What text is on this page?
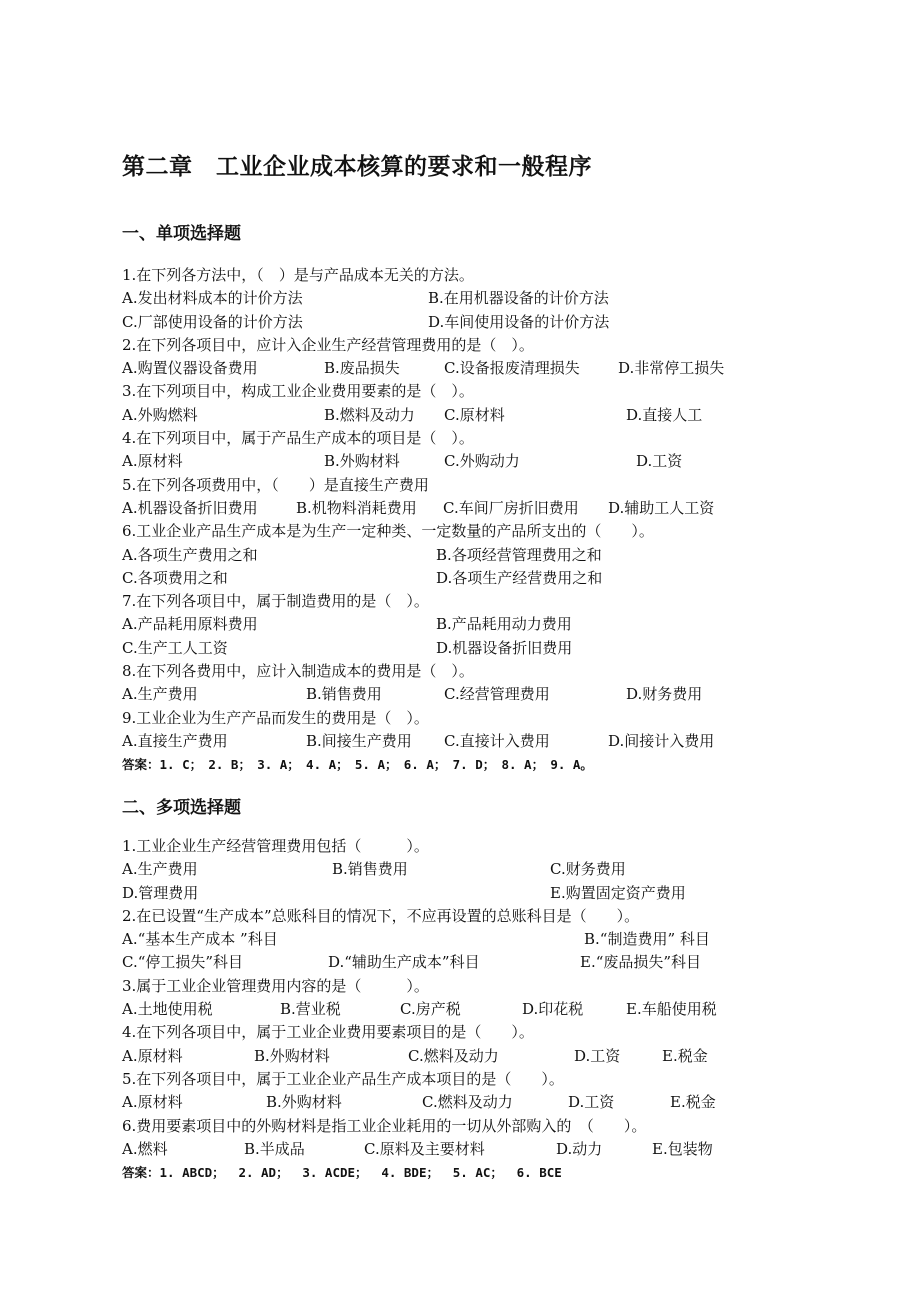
第二章　工业企业成本核算的要求和一般程序
一、单项选择题
1.在下列各方法中，（　）是与产品成本无关的方法。
A.发出材料成本的计价方法	B.在用机器设备的计价方法
C.厂部使用设备的计价方法	D.车间使用设备的计价方法
2.在下列各项目中，应计入企业生产经营管理费用的是（　）。
A.购置仪器设备费用	B.废品损失	C.设备报废清理损失	D.非常停工损失
3.在下列项目中，构成工业企业费用要素的是（　）。
A.外购燃料	B.燃料及动力 C.原材料	D.直接人工
4.在下列项目中，属于产品生产成本的项目是（　）。
A.原材料	B.外购材料	C.外购动力	D.工资
5.在下列各项费用中，（　　）是直接生产费用
A.机器设备折旧费用	B.机物料消耗费用 C.车间厂房折旧费用 D.辅助工人工资
6.工业企业产品生产成本是为生产一定种类、一定数量的产品所支出的（　　）。
A.各项生产费用之和	B.各项经营管理费用之和
C.各项费用之和	D.各项生产经营费用之和
7.在下列各项目中，属于制造费用的是（　）。
A.产品耗用原料费用	B.产品耗用动力费用
C.生产工人工资	D.机器设备折旧费用
8.在下列各费用中，应计入制造成本的费用是（　）。
A.生产费用	B.销售费用	C.经营管理费用	D.财务费用
9.工业企业为生产产品而发生的费用是（　）。
A.直接生产费用	B.间接生产费用 C.直接计入费用	D.间接计入费用
答案：1. C；　2. B；　3. A；　4. A；　5. A；　6. A；　7. D；　8. A；　9. A。
二、多项选择题
1.工业企业生产经营管理费用包括（　　　）。
A.生产费用	B.销售费用	C.财务费用
D.管理费用	E.购置固定资产费用
2.在已设置“生产成本”总账科目的情况下，不应再设置的总账科目是（　　）。
A.“基本生产成本 ”科目	B.“制造费用” 科目
C.“停工损失”科目	D.“辅助生产成本”科目	E.“废品损失”科目
3.属于工业企业管理费用内容的是（　　　）。
A.土地使用税	B.营业税	C.房产税	D.印花税	E.车船使用税
4.在下列各项目中，属于工业企业费用要素项目的是（　　）。
A.原材料	B.外购材料	C.燃料及动力	D.工资	E.税金
5.在下列各项目中，属于工业企业产品生产成本项目的是（　　）。
A.原材料	B.外购材料	C.燃料及动力	D.工资	E.税金
6.费用要素项目中的外购材料是指工业企业耗用的一切从外部购入的　（　　）。
A.燃料	B.半成品	C.原料及主要材料	D.动力	E.包装物
答案：1. ABCD；　 2. AD；　 3. ACDE；　 4. BDE；　 5. AC；　 6. BCE
